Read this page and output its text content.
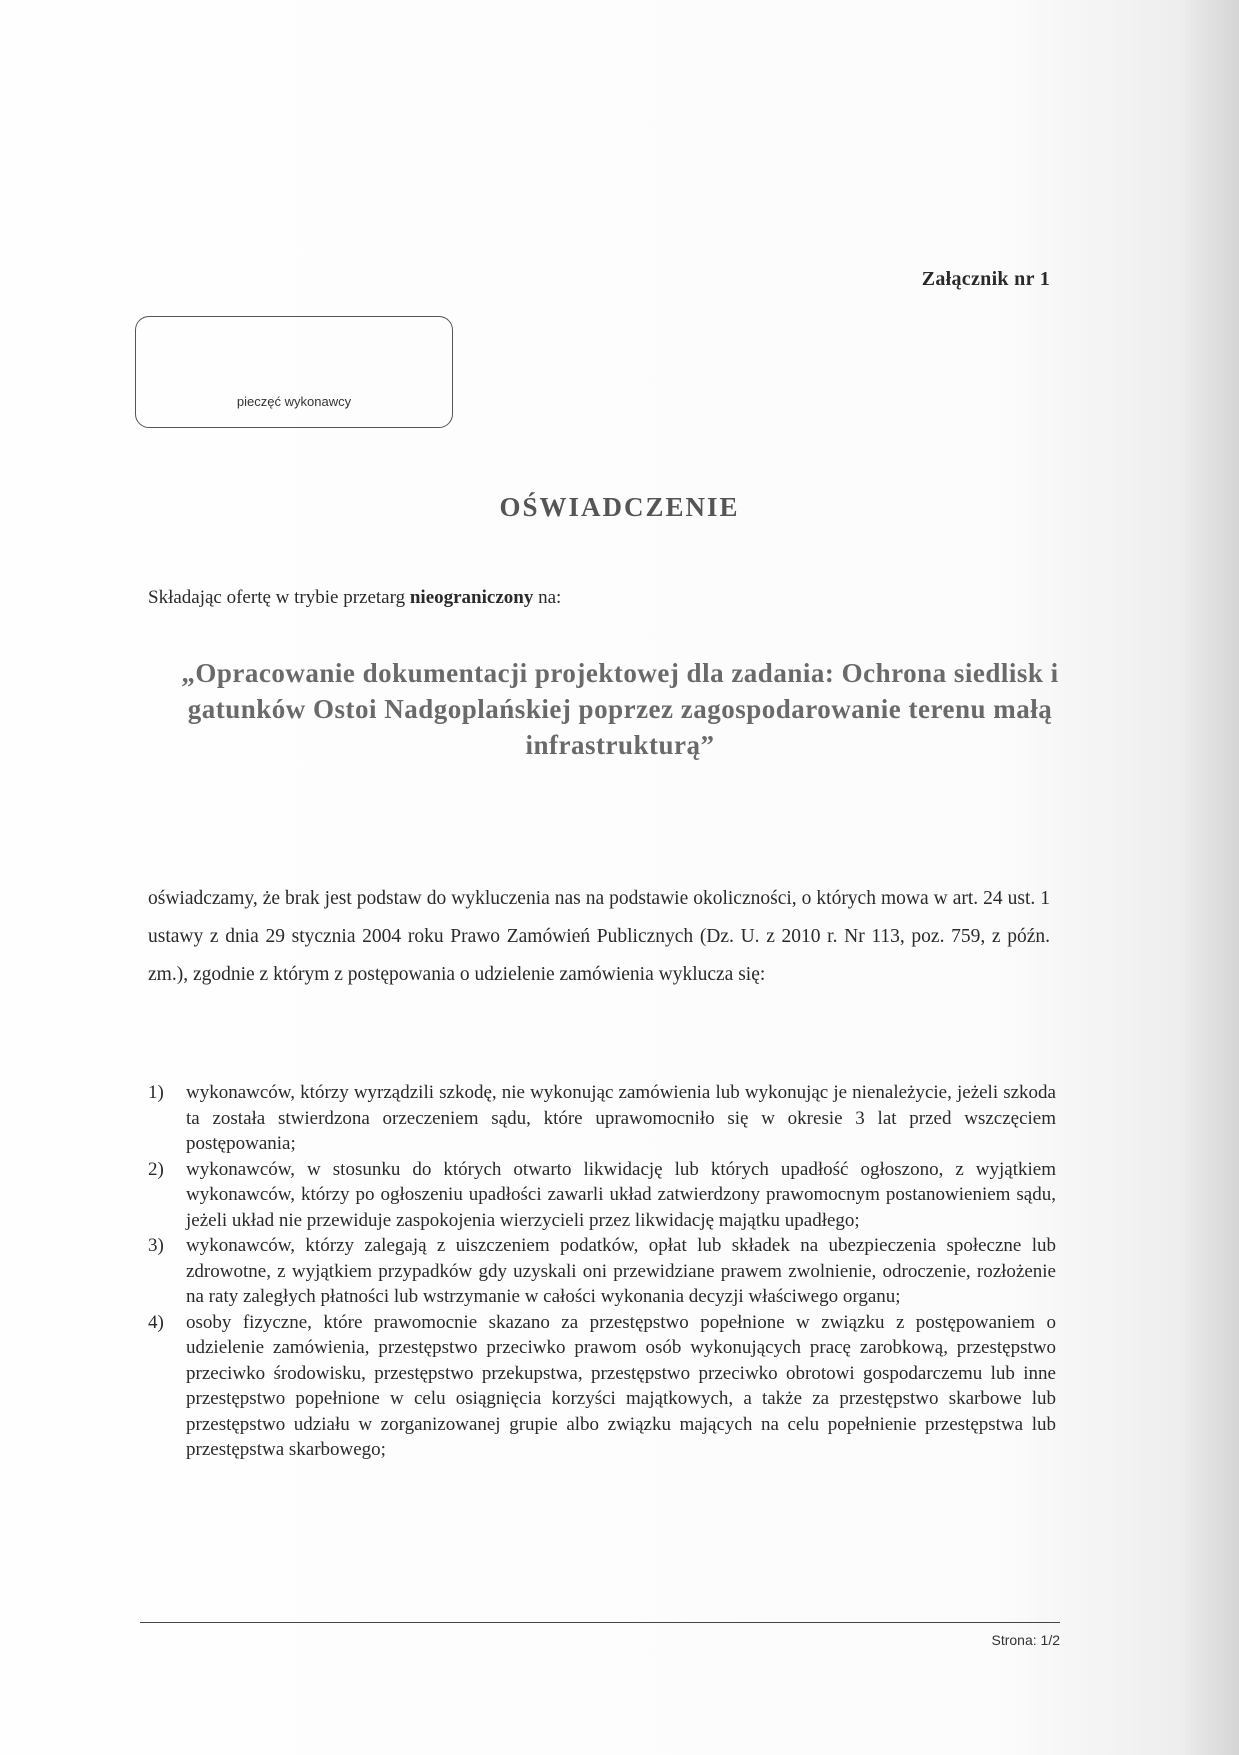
Załącznik nr 1
pieczęć wykonawcy
OŚWIADCZENIE
Składając ofertę w trybie przetarg nieograniczony na:
„Opracowanie dokumentacji projektowej dla zadania: Ochrona siedlisk i gatunków Ostoi Nadgoplańskiej poprzez zagospodarowanie terenu małą infrastrukturą”
oświadczamy, że brak jest podstaw do wykluczenia nas na podstawie okoliczności, o których mowa w art. 24 ust. 1 ustawy z dnia 29 stycznia 2004 roku Prawo Zamówień Publicznych (Dz. U. z 2010 r. Nr 113, poz. 759, z późn. zm.), zgodnie z którym z postępowania o udzielenie zamówienia wyklucza się:
1) wykonawców, którzy wyrządzili szkodę, nie wykonując zamówienia lub wykonując je nienależycie, jeżeli szkoda ta została stwierdzona orzeczeniem sądu, które uprawomocniło się w okresie 3 lat przed wszczęciem postępowania;
2) wykonawców, w stosunku do których otwarto likwidację lub których upadłość ogłoszono, z wyjątkiem wykonawców, którzy po ogłoszeniu upadłości zawarli układ zatwierdzony prawomocnym postanowieniem sądu, jeżeli układ nie przewiduje zaspokojenia wierzycieli przez likwidację majątku upadłego;
3) wykonawców, którzy zalegają z uiszczeniem podatków, opłat lub składek na ubezpieczenia społeczne lub zdrowotne, z wyjątkiem przypadków gdy uzyskali oni przewidziane prawem zwolnienie, odroczenie, rozłożenie na raty zaległych płatności lub wstrzymanie w całości wykonania decyzji właściwego organu;
4) osoby fizyczne, które prawomocnie skazano za przestępstwo popełnione w związku z postępowaniem o udzielenie zamówienia, przestępstwo przeciwko prawom osób wykonujących pracę zarobkową, przestępstwo przeciwko środowisku, przestępstwo przekupstwa, przestępstwo przeciwko obrotowi gospodarczemu lub inne przestępstwo popełnione w celu osiągnięcia korzyści majątkowych, a także za przestępstwo skarbowe lub przestępstwo udziału w zorganizowanej grupie albo związku mających na celu popełnienie przestępstwa lub przestępstwa skarbowego;
Strona: 1/2
